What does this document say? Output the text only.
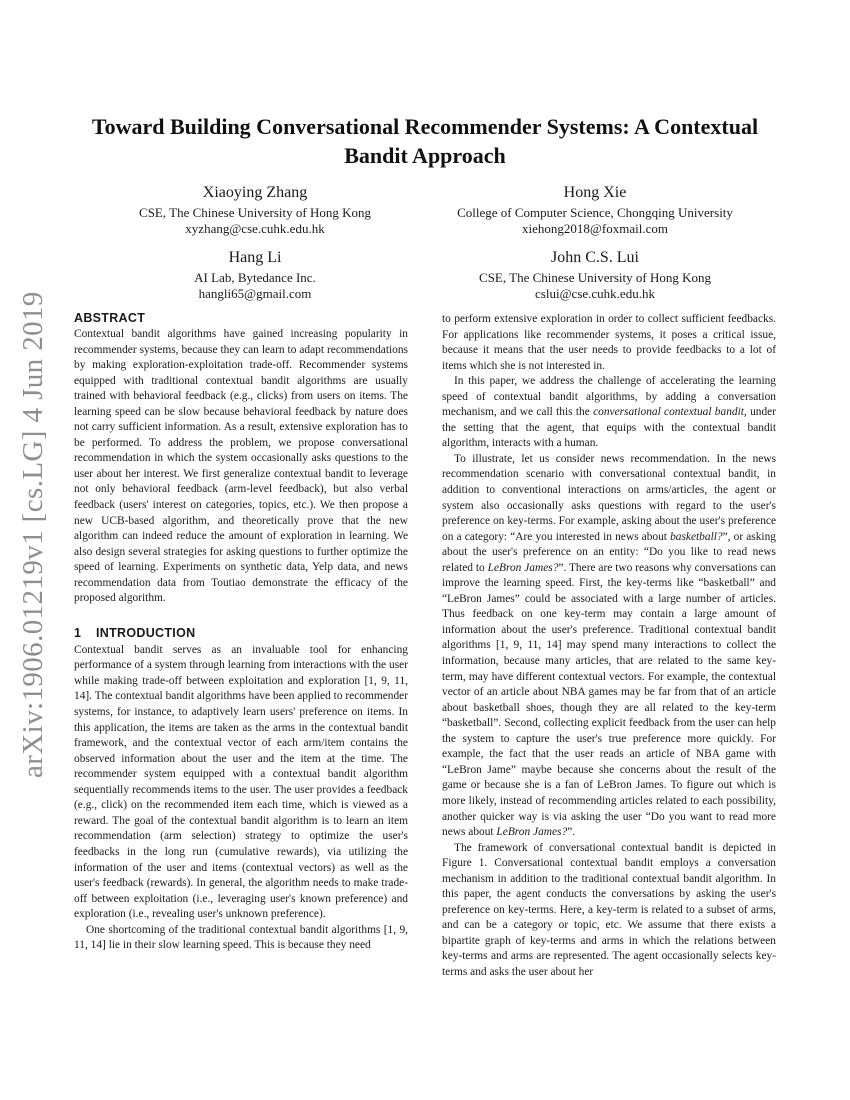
arXiv:1906.01219v1 [cs.LG] 4 Jun 2019
Toward Building Conversational Recommender Systems: A Contextual Bandit Approach
Xiaoying Zhang
CSE, The Chinese University of Hong Kong
xyzhang@cse.cuhk.edu.hk
Hong Xie
College of Computer Science, Chongqing University
xiehong2018@foxmail.com
Hang Li
AI Lab, Bytedance Inc.
hangli65@gmail.com
John C.S. Lui
CSE, The Chinese University of Hong Kong
cslui@cse.cuhk.edu.hk
ABSTRACT

Contextual bandit algorithms have gained increasing popularity in recommender systems, because they can learn to adapt recommendations by making exploration-exploitation trade-off. Recommender systems equipped with traditional contextual bandit algorithms are usually trained with behavioral feedback (e.g., clicks) from users on items. The learning speed can be slow because behavioral feedback by nature does not carry sufficient information. As a result, extensive exploration has to be performed. To address the problem, we propose conversational recommendation in which the system occasionally asks questions to the user about her interest. We first generalize contextual bandit to leverage not only behavioral feedback (arm-level feedback), but also verbal feedback (users' interest on categories, topics, etc.). We then propose a new UCB-based algorithm, and theoretically prove that the new algorithm can indeed reduce the amount of exploration in learning. We also design several strategies for asking questions to further optimize the speed of learning. Experiments on synthetic data, Yelp data, and news recommendation data from Toutiao demonstrate the efficacy of the proposed algorithm.

1 INTRODUCTION

Contextual bandit serves as an invaluable tool for enhancing performance of a system through learning from interactions with the user while making trade-off between exploitation and exploration [1, 9, 11, 14]. The contextual bandit algorithms have been applied to recommender systems, for instance, to adaptively learn users' preference on items. In this application, the items are taken as the arms in the contextual bandit framework, and the contextual vector of each arm/item contains the observed information about the user and the item at the time. The recommender system equipped with a contextual bandit algorithm sequentially recommends items to the user. The user provides a feedback (e.g., click) on the recommended item each time, which is viewed as a reward. The goal of the contextual bandit algorithm is to learn an item recommendation (arm selection) strategy to optimize the user's feedbacks in the long run (cumulative rewards), via utilizing the information of the user and items (contextual vectors) as well as the user's feedback (rewards). In general, the algorithm needs to make trade-off between exploitation (i.e., leveraging user's known preference) and exploration (i.e., revealing user's unknown preference).

One shortcoming of the traditional contextual bandit algorithms [1, 9, 11, 14] lie in their slow learning speed. This is because they need

to perform extensive exploration in order to collect sufficient feedbacks. For applications like recommender systems, it poses a critical issue, because it means that the user needs to provide feedbacks to a lot of items which she is not interested in.

In this paper, we address the challenge of accelerating the learning speed of contextual bandit algorithms, by adding a conversation mechanism, and we call this the conversational contextual bandit, under the setting that the agent, that equips with the contextual bandit algorithm, interacts with a human.

To illustrate, let us consider news recommendation. In the news recommendation scenario with conversational contextual bandit, in addition to conventional interactions on arms/articles, the agent or system also occasionally asks questions with regard to the user's preference on key-terms. For example, asking about the user's preference on a category: “Are you interested in news about basketball?”, or asking about the user's preference on an entity: “Do you like to read news related to LeBron James?”. There are two reasons why conversations can improve the learning speed. First, the key-terms like “basketball” and “LeBron James” could be associated with a large number of articles. Thus feedback on one key-term may contain a large amount of information about the user's preference. Traditional contextual bandit algorithms [1, 9, 11, 14] may spend many interactions to collect the information, because many articles, that are related to the same key-term, may have different contextual vectors. For example, the contextual vector of an article about NBA games may be far from that of an article about basketball shoes, though they are all related to the key-term “basketball”. Second, collecting explicit feedback from the user can help the system to capture the user's true preference more quickly. For example, the fact that the user reads an article of NBA game with “LeBron Jame” maybe because she concerns about the result of the game or because she is a fan of LeBron James. To figure out which is more likely, instead of recommending articles related to each possibility, another quicker way is via asking the user “Do you want to read more news about LeBron James?”.

The framework of conversational contextual bandit is depicted in Figure 1. Conversational contextual bandit employs a conversation mechanism in addition to the traditional contextual bandit algorithm. In this paper, the agent conducts the conversations by asking the user's preference on key-terms. Here, a key-term is related to a subset of arms, and can be a category or topic, etc. We assume that there exists a bipartite graph of key-terms and arms in which the relations between key-terms and arms are represented. The agent occasionally selects key-terms and asks the user about her
